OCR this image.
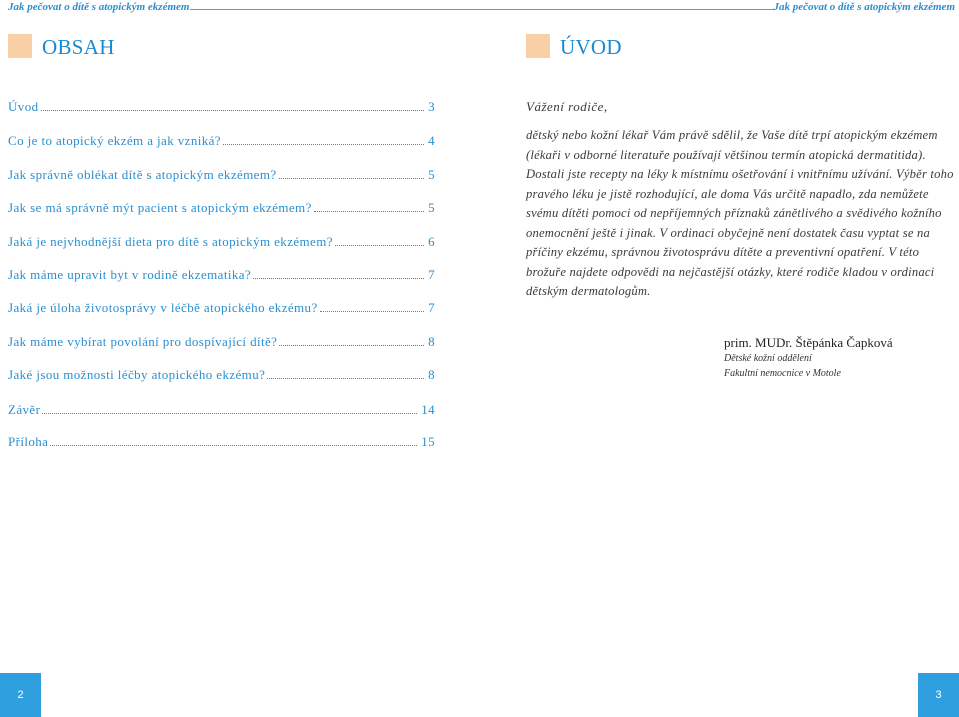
Jak pečovat o dítě s atopickým ekzémem	Jak pečovat o dítě s atopickým ekzémem
OBSAH	ÚVOD
Úvod	3
Co je to atopický ekzém a jak vzniká?	4
Jak správně oblékat dítě s atopickým ekzémem?	5
Jak se má správně mýt pacient s atopickým ekzémem?	5
Jaká je nejvhodnější dieta pro dítě s atopickým ekzémem?	6
Jak máme upravit byt v rodině ekzematika?	7
Jaká je úloha životosprávy v léčbě atopického ekzému?	7
Jak máme vybírat povolání pro dospívající dítě?	8
Jaké jsou možnosti léčby atopického ekzému?	8
Závěr	14
Příloha	15
Vážení rodiče,
dětský nebo kožní lékař Vám právě sdělil, že Vaše dítě trpí atopickým ekzémem
(lékaři v odborné literatuře používají většinou termín atopická dermatitida).
Dostali jste recepty na léky k místnímu ošetřování i vnitřnímu užívání. Výběr toho
pravého léku je jistě rozhodující, ale doma Vás určitě napadlo, zda nemůžete
svému dítěti pomoci od nepříjemných příznaků zánětlivého a svědivého kožního
onemocnění ještě i jinak. V ordinaci obyčejně není dostatek času vyptat se na
příčiny ekzému, správnou životosprávu dítěte a preventivní opatření. V této
brožuře najdete odpovědi na nejčastější otázky, které rodiče kladou v ordinaci
dětským dermatologům.
prim. MUDr. Štěpánka Čapková
Dětské kožní oddělení
Fakultní nemocnice v Motole
2	3
